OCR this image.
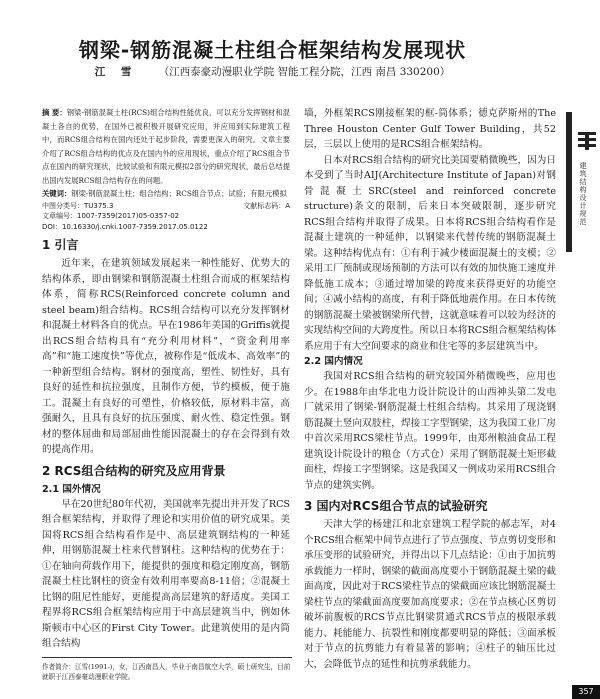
钢梁-钢筋混凝土柱组合框架结构发展现状
江 雪 （江西泰豪动漫职业学院 智能工程分院，江西 南昌 330200）
摘 要：钢梁-钢筋混凝土柱(RCS)组合结构性能优良，可以充分发挥钢材和混凝土各自的优势，在国外已被积极开展研究应用，并应用到实际建筑工程中，而RCS组合结构在国内还处于起步阶段，需要更深入的研究。文章主要介绍了RCS组合结构的优点及在国内外的应用现状，重点介绍了RCS组合节点在国内的研究现状，比较试验和有限元模拟2部分的研究现状，最后总结提出国内发展RCS组合结构存在的问题。
关键词：钢梁-钢筋混凝土柱；组合结构；RCS组合节点；试验；有限元模拟
中图分类号：TU375.3	文献标志码：A
文章编号：1007-7359(2017)05-0357-02
DOI：10.16330/j.cnki.1007-7359.2017.05.0122
1 引言

近年来，在建筑领域发展起来一种性能好、优势大的结构体系，即由钢梁和钢筋混凝土柱组合而成的框架结构体系，简称RCS(Reinforced concrete column and steel beam)组合结构。RCS组合结构可以充分发挥钢材和混凝土材料各自的优点。早在1986年美国的Griffis就提出RCS组合结构具有“充分利用材料”，“资金利用率高”和“施工速度快”等优点，被称作是“低成本、高效率”的一种新型组合结构。钢材的强度高，塑性、韧性好，具有良好的延性和抗拉强度，且制作方便，节约模板，便于施工。混凝土有良好的可塑性，价格较低，原材料丰富，高强耐久，且具有良好的抗压强度、耐火性、稳定性强。钢材的整体屈曲和局部屈曲性能因混凝土的存在会得到有效的提高作用。

2 RCS组合结构的研究及应用背景
2.1 国外情况

早在20世纪80年代初，美国就率先提出并开发了RCS组合框架结构，并取得了理论和实用价值的研究成果。美国将RCS组合结构看作是中、高层建筑钢结构的一种延伸，用钢筋混凝土柱来代替钢柱。这种结构的优势在于：①在轴向荷载作用下，能提供的强度和稳定刚度高，钢筋混凝土柱比钢柱的资金有效利用率要高8-11倍；②混凝土比钢的阻尼性能好，更能提高高层建筑的舒适度。美国工程界将RCS组合框架结构应用于中高层建筑当中，例如休斯顿市中心区的First City Tower。此建筑使用的是内筒组合结构

墙，外框架RCS刚接框架的框-筒体系；德克萨斯州的The Three Houston Center Gulf Tower Building，共52层，三层以上使用的是RCS组合框架结构。

日本对RCS组合结构的研究比美国要稍微晚些，因为日本受到了当时AIJ(Architecture Institute of Japan)对钢骨混凝土SRC(steel and reinforced concrete structure)条文的限制，后来日本突破限制，逐步研究RCS组合结构并取得了成果。日本将RCS组合结构看作是混凝土建筑的一种延伸，以钢梁来代替传统的钢筋混凝土梁。这种结构优点有：①有利于减少楼面混凝土的支模；②采用工厂预制或现场预制的方法可以有效的加快施工速度并降低施工成本；③通过增加梁的跨度来获得更好的功能空间；④减小结构的高度，有利于降低地震作用。在日本传统的钢筋混凝土梁被钢梁所代替，这就意味着可以较为经济的实现结构空间的大跨度性。所以日本将RCS组合框架结构体系应用于有大空间要求的商业和住宅等的多层建筑当中。

2.2 国内情况

我国对RCS组合结构的研究较国外稍微晚些，应用也少。在1988年由华北电力设计院设计的山西神头第二发电厂就采用了钢梁-钢筋混凝土柱组合结构。其采用了现浇钢筋混凝土竖向双肢柱，焊接工字型钢梁，这为我国工业厂房中首次采用RCS梁柱节点。1999年，由郑州粮油食品工程建筑设计院设计的粮仓（方式仓）采用了钢筋混凝土矩形截面柱，焊接工字型钢梁。这是我国又一例成功采用RCS组合节点的建筑实例。

3 国内对RCS组合节点的试验研究

天津大学的杨建江和北京建筑工程学院的郝志军，对4个RCS组合框架中间节点进行了节点强度、节点剪切变形和承压变形的试验研究，并得出以下几点结论：①由于加抗剪承载能力一样时，钢梁的截面高度要小于钢筋混凝土梁的截面高度，因此对于RCS梁柱节点的梁截面应该比钢筋混凝土梁柱节点的梁截面高度要加高度要求；②在节点核心区剪切破坏前腹板的RCS节点比钢梁贯通式RCS节点的极限承载能力、耗能能力、抗裂性和刚度都要明显的降低；③面承板对于节点的抗剪能力有着显著的影响；④柱子的轴压比过大，会降低节点的延性和抗剪承载能力。

作者简介：江雪(1991-)，女，江西南昌人，毕业于南昌航空大学，硕士研究生，目前就职于江西泰豪动漫职业学院。
建筑结构设计规范
357
